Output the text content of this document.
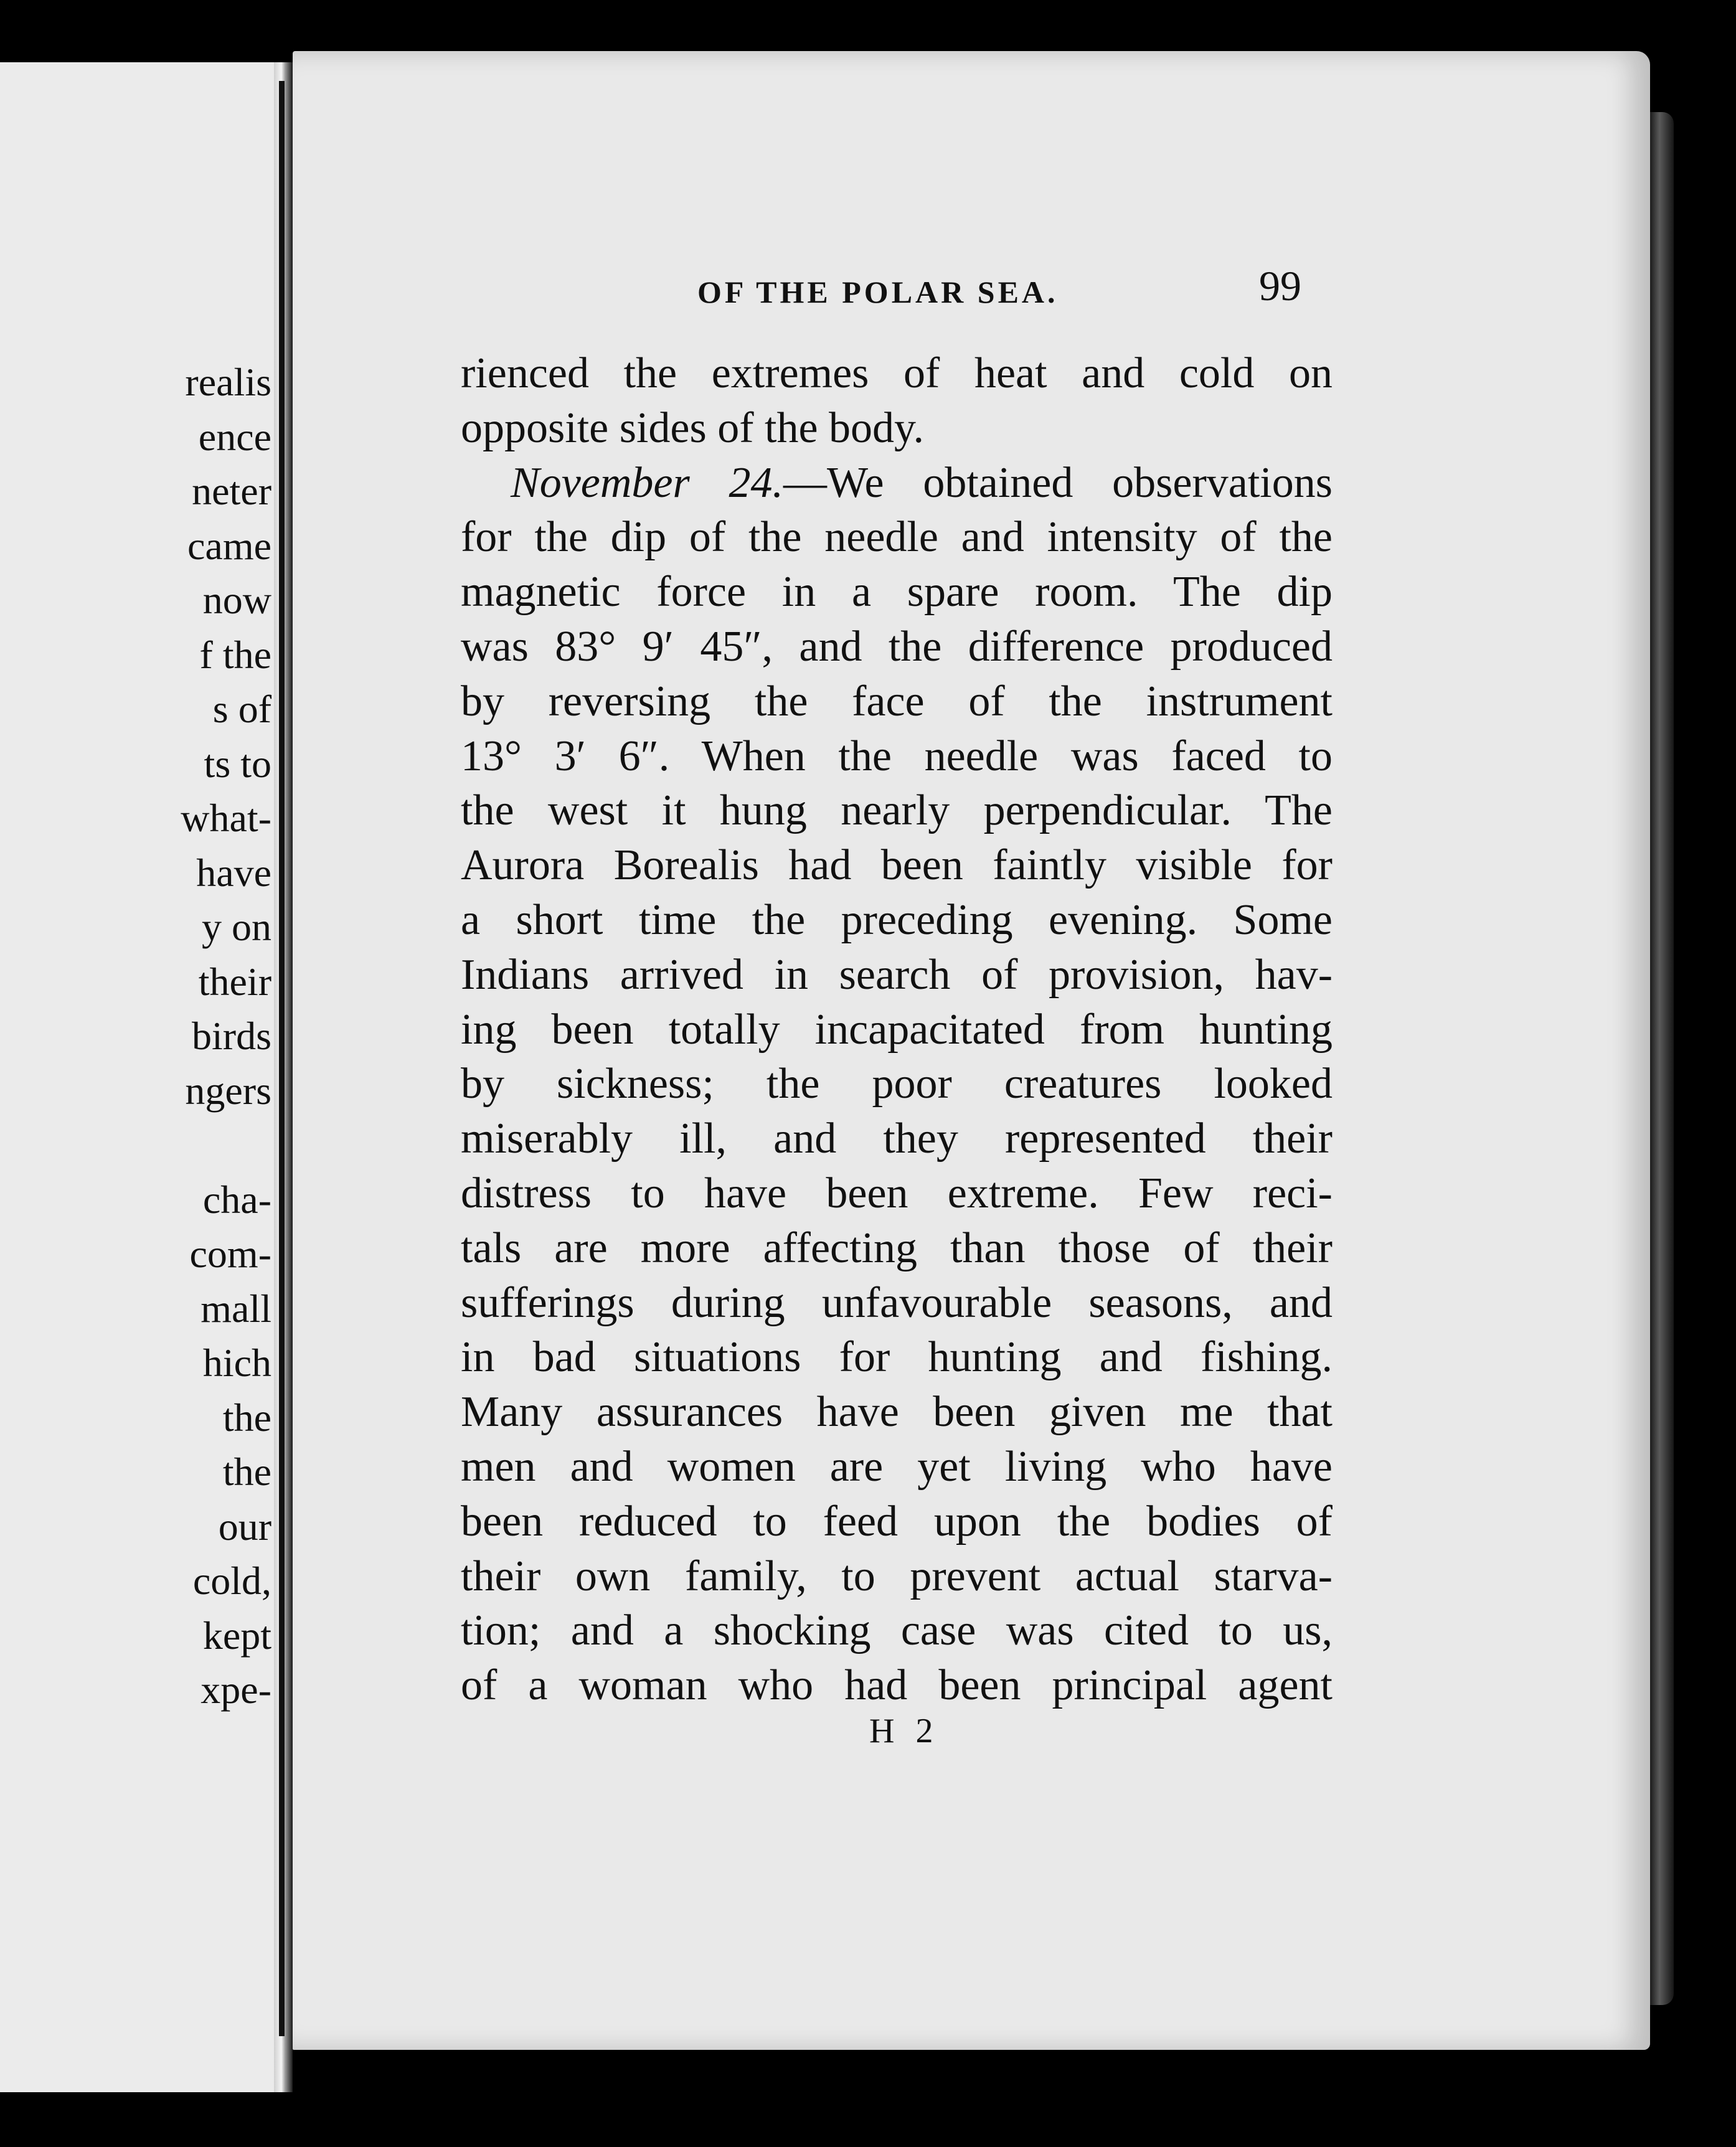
realis
ence
neter
came
now
f the
s of
ts to
what-
have
y on
their
birds
ngers
cha-
com-
mall
hich
the
the
our
cold,
kept
xpe-
OF THE POLAR SEA.	99
rienced the extremes of heat and cold on
opposite sides of the body.
November 24.—We obtained observations
for the dip of the needle and intensity of the
magnetic force in a spare room. The dip
was 83° 9′ 45″, and the difference produced
by reversing the face of the instrument
13° 3′ 6″. When the needle was faced to
the west it hung nearly perpendicular. The
Aurora Borealis had been faintly visible for
a short time the preceding evening. Some
Indians arrived in search of provision, hav-
ing been totally incapacitated from hunting
by sickness; the poor creatures looked
miserably ill, and they represented their
distress to have been extreme. Few reci-
tals are more affecting than those of their
sufferings during unfavourable seasons, and
in bad situations for hunting and fishing.
Many assurances have been given me that
men and women are yet living who have
been reduced to feed upon the bodies of
their own family, to prevent actual starva-
tion; and a shocking case was cited to us,
of a woman who had been principal agent
H 2
